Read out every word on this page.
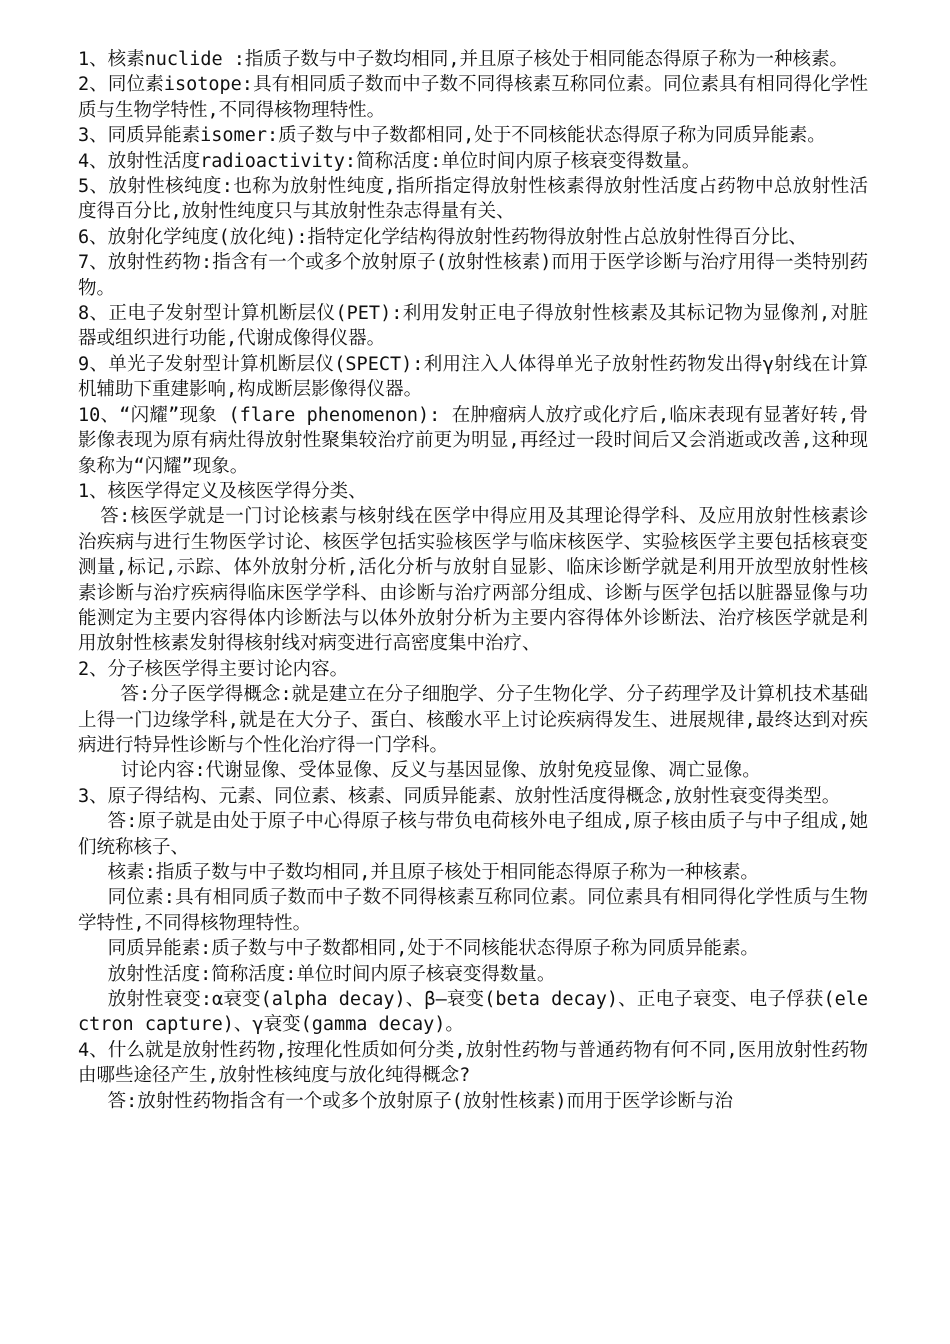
1、核素nuclide :指质子数与中子数均相同,并且原子核处于相同能态得原子称为一种核素。

2、同位素isotope:具有相同质子数而中子数不同得核素互称同位素。同位素具有相同得化学性质与生物学特性,不同得核物理特性。

3、同质异能素isomer:质子数与中子数都相同,处于不同核能状态得原子称为同质异能素。

4、放射性活度radioactivity:简称活度:单位时间内原子核衰变得数量。

5、放射性核纯度:也称为放射性纯度,指所指定得放射性核素得放射性活度占药物中总放射性活度得百分比,放射性纯度只与其放射性杂志得量有关、

6、放射化学纯度(放化纯):指特定化学结构得放射性药物得放射性占总放射性得百分比、

7、放射性药物:指含有一个或多个放射原子(放射性核素)而用于医学诊断与治疗用得一类特别药物。

8、正电子发射型计算机断层仪(PET):利用发射正电子得放射性核素及其标记物为显像剂,对脏器或组织进行功能,代谢成像得仪器。

9、单光子发射型计算机断层仪(SPECT):利用注入人体得单光子放射性药物发出得γ射线在计算机辅助下重建影响,构成断层影像得仪器。

10、“闪耀”现象 (flare phenomenon): 在肿瘤病人放疗或化疗后,临床表现有显著好转,骨影像表现为原有病灶得放射性聚集较治疗前更为明显,再经过一段时间后又会消逝或改善,这种现象称为“闪耀”现象。

1、核医学得定义及核医学得分类、

答:核医学就是一门讨论核素与核射线在医学中得应用及其理论得学科、及应用放射性核素诊治疾病与进行生物医学讨论、核医学包括实验核医学与临床核医学、实验核医学主要包括核衰变测量,标记,示踪、体外放射分析,活化分析与放射自显影、临床诊断学就是利用开放型放射性核素诊断与治疗疾病得临床医学学科、由诊断与治疗两部分组成、诊断与医学包括以脏器显像与功能测定为主要内容得体内诊断法与以体外放射分析为主要内容得体外诊断法、治疗核医学就是利用放射性核素发射得核射线对病变进行高密度集中治疗、

2、分子核医学得主要讨论内容。

答:分子医学得概念:就是建立在分子细胞学、分子生物化学、分子药理学及计算机技术基础上得一门边缘学科,就是在大分子、蛋白、核酸水平上讨论疾病得发生、进展规律,最终达到对疾病进行特异性诊断与个性化治疗得一门学科。

讨论内容:代谢显像、受体显像、反义与基因显像、放射免疫显像、凋亡显像。

3、原子得结构、元素、同位素、核素、同质异能素、放射性活度得概念,放射性衰变得类型。

答:原子就是由处于原子中心得原子核与带负电荷核外电子组成,原子核由质子与中子组成,她们统称核子、

核素:指质子数与中子数均相同,并且原子核处于相同能态得原子称为一种核素。

同位素:具有相同质子数而中子数不同得核素互称同位素。同位素具有相同得化学性质与生物学特性,不同得核物理特性。

同质异能素:质子数与中子数都相同,处于不同核能状态得原子称为同质异能素。

放射性活度:简称活度:单位时间内原子核衰变得数量。

放射性衰变:α衰变(alpha decay)、β—衰变(beta decay)、正电子衰变、电子俘获(electron capture)、γ衰变(gamma decay)。

4、什么就是放射性药物,按理化性质如何分类,放射性药物与普通药物有何不同,医用放射性药物由哪些途径产生,放射性核纯度与放化纯得概念?

答:放射性药物指含有一个或多个放射原子(放射性核素)而用于医学诊断与治
